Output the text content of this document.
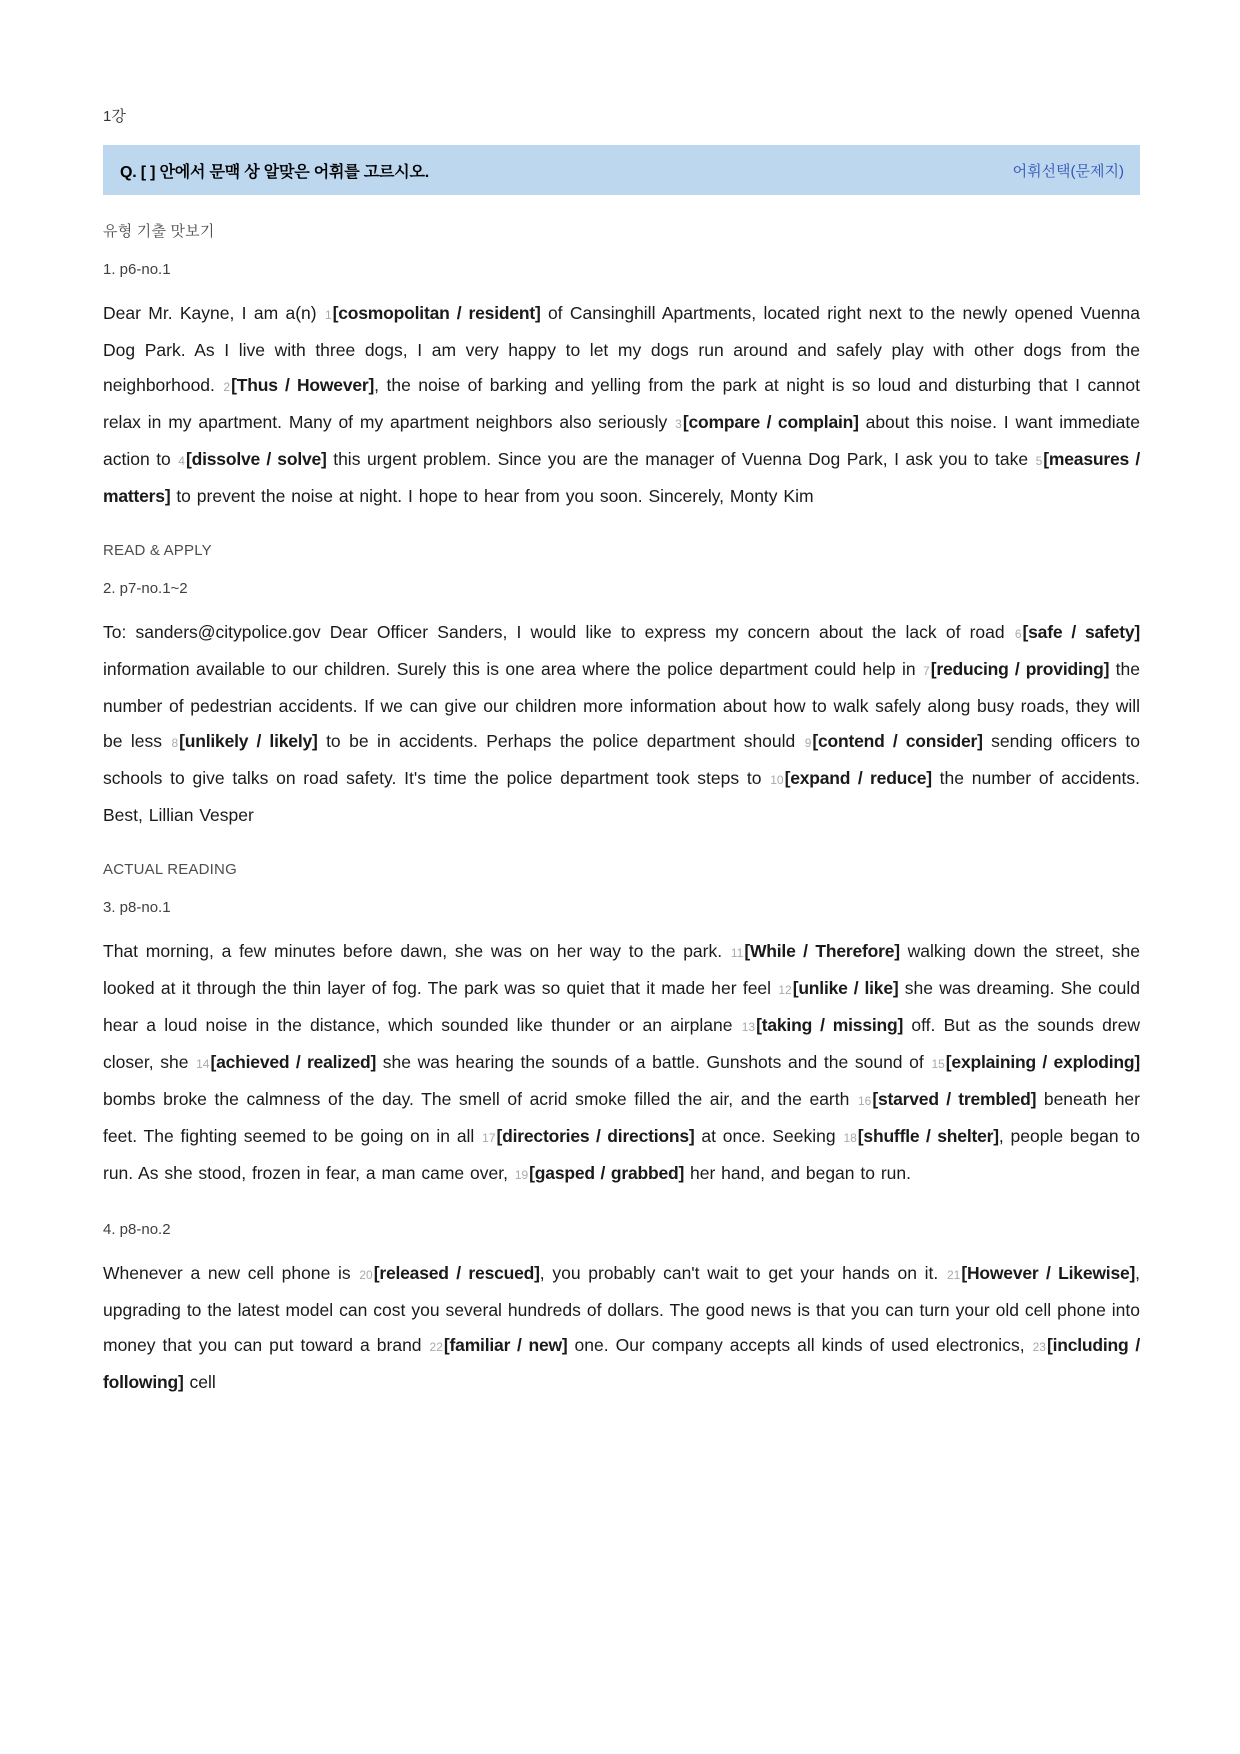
1강
Q. [ ] 안에서 문맥 상 알맞은 어휘를 고르시오.	어휘선택(문제지)
유형 기출 맛보기
1. p6-no.1

Dear Mr. Kayne, I am a(n) 1[cosmopolitan / resident] of Cansinghill Apartments, located right next to the newly opened Vuenna Dog Park. As I live with three dogs, I am very happy to let my dogs run around and safely play with other dogs from the neighborhood. 2[Thus / However], the noise of barking and yelling from the park at night is so loud and disturbing that I cannot relax in my apartment. Many of my apartment neighbors also seriously 3[compare / complain] about this noise. I want immediate action to 4[dissolve / solve] this urgent problem. Since you are the manager of Vuenna Dog Park, I ask you to take 5[measures / matters] to prevent the noise at night. I hope to hear from you soon. Sincerely, Monty Kim

READ & APPLY
2. p7-no.1~2

To: sanders@citypolice.gov Dear Officer Sanders, I would like to express my concern about the lack of road 6[safe / safety] information available to our children. Surely this is one area where the police department could help in 7[reducing / providing] the number of pedestrian accidents. If we can give our children more information about how to walk safely along busy roads, they will be less 8[unlikely / likely] to be in accidents. Perhaps the police department should 9[contend / consider] sending officers to schools to give talks on road safety. It's time the police department took steps to 10[expand / reduce] the number of accidents. Best, Lillian Vesper

ACTUAL READING
3. p8-no.1

That morning, a few minutes before dawn, she was on her way to the park. 11[While / Therefore] walking down the street, she looked at it through the thin layer of fog. The park was so quiet that it made her feel 12[unlike / like] she was dreaming. She could hear a loud noise in the distance, which sounded like thunder or an airplane 13[taking / missing] off. But as the sounds drew closer, she 14[achieved / realized] she was hearing the sounds of a battle. Gunshots and the sound of 15[explaining / exploding] bombs broke the calmness of the day. The smell of acrid smoke filled the air, and the earth 16[starved / trembled] beneath her feet. The fighting seemed to be going on in all 17[directories / directions] at once. Seeking 18[shuffle / shelter], people began to run. As she stood, frozen in fear, a man came over, 19[gasped / grabbed] her hand, and began to run.

4. p8-no.2

Whenever a new cell phone is 20[released / rescued], you probably can't wait to get your hands on it. 21[However / Likewise], upgrading to the latest model can cost you several hundreds of dollars. The good news is that you can turn your old cell phone into money that you can put toward a brand 22[familiar / new] one. Our company accepts all kinds of used electronics, 23[including / following] cell
